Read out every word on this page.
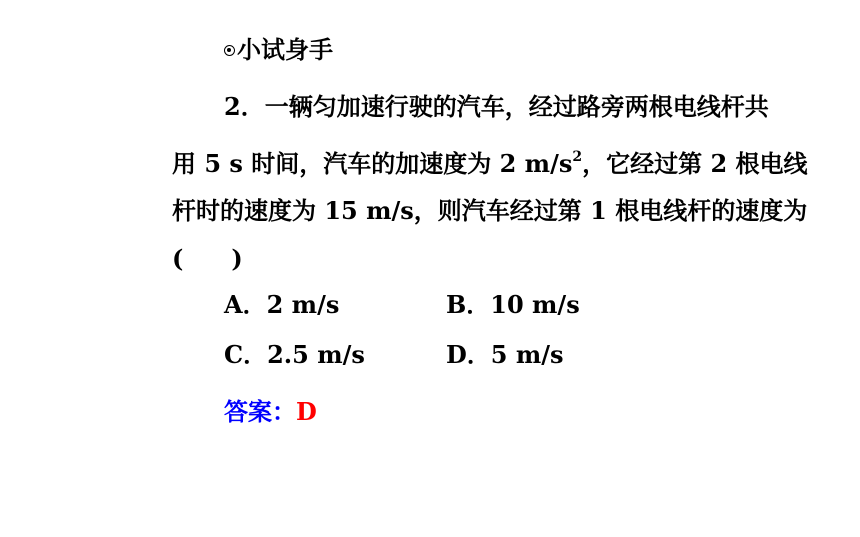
小试身手
2．一辆匀加速行驶的汽车，经过路旁两根电线杆共
用 5 s 时间，汽车的加速度为 2 $m/s^2$，它经过第 2 根电线
杆时的速度为 15 m/s，则汽车经过第 1 根电线杆的速度为
( )
A．2 m/s	B．10 m/s
C．2.5 m/s	D．5 m/s
答案：D
